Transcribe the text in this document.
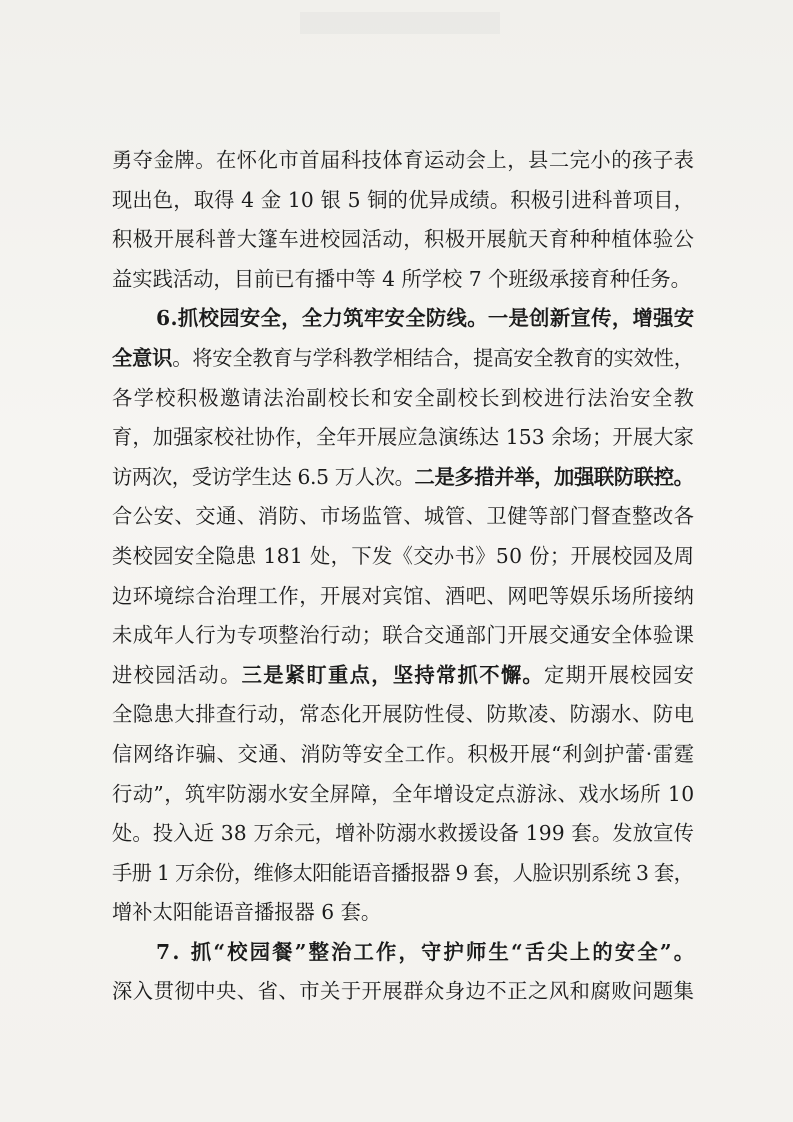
勇夺金牌。在怀化市首届科技体育运动会上，县二完小的孩子表
现出色，取得 4 金 10 银 5 铜的优异成绩。积极引进科普项目，
积极开展科普大篷车进校园活动，积极开展航天育种种植体验公
益实践活动，目前已有播中等 4 所学校 7 个班级承接育种任务。
6.抓校园安全，全力筑牢安全防线。一是创新宣传，增强安
全意识。将安全教育与学科教学相结合，提高安全教育的实效性，
各学校积极邀请法治副校长和安全副校长到校进行法治安全教
育，加强家校社协作，全年开展应急演练达 153 余场；开展大家
访两次，受访学生达 6.5 万人次。二是多措并举，加强联防联控。
合公安、交通、消防、市场监管、城管、卫健等部门督查整改各
类校园安全隐患 181 处，下发《交办书》50 份；开展校园及周
边环境综合治理工作，开展对宾馆、酒吧、网吧等娱乐场所接纳
未成年人行为专项整治行动；联合交通部门开展交通安全体验课
进校园活动。三是紧盯重点，坚持常抓不懈。定期开展校园安
全隐患大排查行动，常态化开展防性侵、防欺凌、防溺水、防电
信网络诈骗、交通、消防等安全工作。积极开展“利剑护蕾·雷霆
行动”，筑牢防溺水安全屏障，全年增设定点游泳、戏水场所 10
处。投入近 38 万余元，增补防溺水救援设备 199 套。发放宣传
手册 1 万余份，维修太阳能语音播报器 9 套，人脸识别系统 3 套，
增补太阳能语音播报器 6 套。
7. 抓“校园餐”整治工作，守护师生“舌尖上的安全”。
深入贯彻中央、省、市关于开展群众身边不正之风和腐败问题集
